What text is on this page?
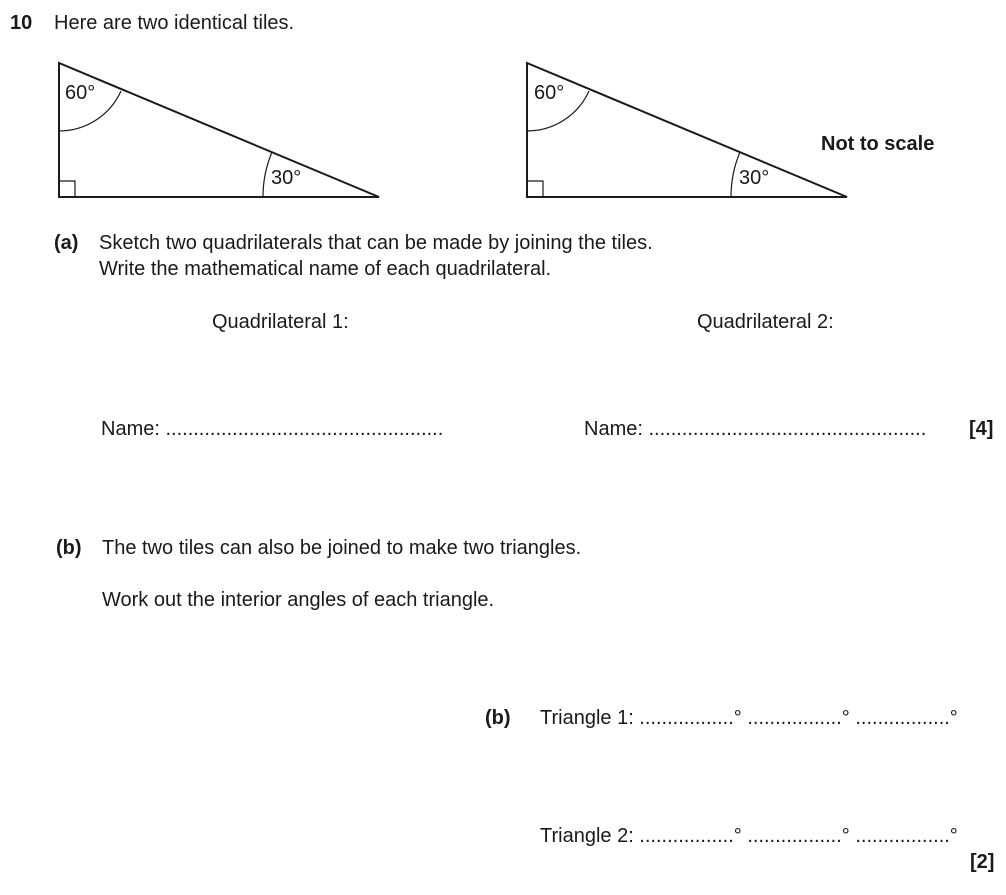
10 Here are two identical tiles.
60°
30°
60°
30°
Not to scale
(a) Sketch two quadrilaterals that can be made by joining the tiles.
Write the mathematical name of each quadrilateral.
Quadrilateral 1:	Quadrilateral 2:
Name: ..................................................	Name: .................................................. [4]
(b) The two tiles can also be joined to make two triangles.
Work out the interior angles of each triangle.
(b) Triangle 1: .................° .................° .................°
Triangle 2: .................° .................° .................°
[2]
